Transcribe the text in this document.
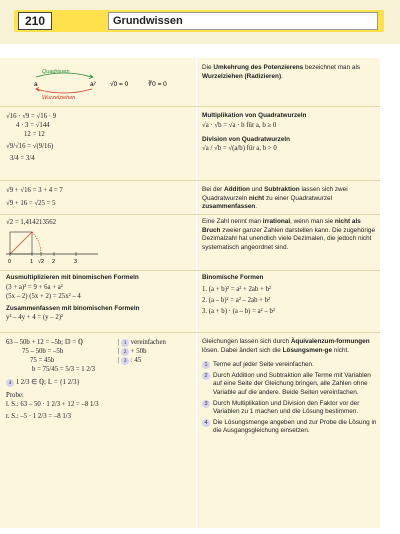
210	Grundwissen
Quadrieren
a	a²
Wurzelziehen
√0 = 0	∛0 = 0
Die Umkehrung des Potenzierens bezeichnet man als Wurzelziehen (Radizieren).
√16 · √9 = √16 · 9
4 · 3 = √144
12 = 12
√9/√16 = √(9/16)
3/4 = 3/4
Multiplikation von Quadratwurzeln
√a · √b = √a · b für a, b ≥ 0
Division von Quadratwurzeln
√a / √b = √(a/b) für a, b > 0
√9 + √16 = 3 + 4 = 7
√9 + 16 = √25 = 5
Bei der Addition und Subtraktion lassen sich zwei Quadratwurzeln nicht zu einer Quadratwurzel zusammenfassen.
√2 = 1,414213562
0	1 √2 2	3
Eine Zahl nennt man irrational, wenn man sie nicht als Bruch zweier ganzer Zahlen darstellen kann. Die zugehörige Dezimalzahl hat unendlich viele Dezimalen, die jedoch nicht systematisch angeordnet sind.
Ausmultiplizieren mit binomischen Formeln
(3 + a)² = 9 + 6a + a²
(5x – 2) (5x + 2) = 25x² – 4
Zusammenfassen mit binomischen Formeln
y² – 4y + 4 = (y – 2)²
Binomische Formen
1. (a + b)² = a² + 2ab + b²
2. (a – b)² = a² – 2ab + b²
3. (a + b) · (a – b) = a² – b²
63 – 50b + 12 = –5b; 𝔻 = ℚ
75 – 50b = –5b
75 = 45b
b = 75/45 = 5/3 = 1 2/3
| 1 vereinfachen
| 2 + 50b
| 3 : 45
4 1 2/3 ∈ ℚ; 𝕃 = {1 2/3}
Probe:
l. S.: 63 – 50 · 1 2/3 + 12 = –8 1/3
r. S.: –5 · 1 2/3 = –8 1/3
Gleichungen lassen sich durch Äquivalenzum-formungen lösen. Dabei ändert sich die Lösungsmen-ge nicht.
1 Terme auf jeder Seite vereinfachen.
2 Durch Addition und Subtraktion alle Terme mit Variablen auf eine Seite der Gleichung bringen, alle Zahlen ohne Variable auf die andere. Beide Seiten vereinfachen.
3 Durch Multiplikation und Division den Faktor vor der Variablen zu 1 machen und die Lösung bestimmen.
4 Die Lösungsmenge angeben und zur Probe die Lösung in die Ausgangsgleichung einsetzen.
